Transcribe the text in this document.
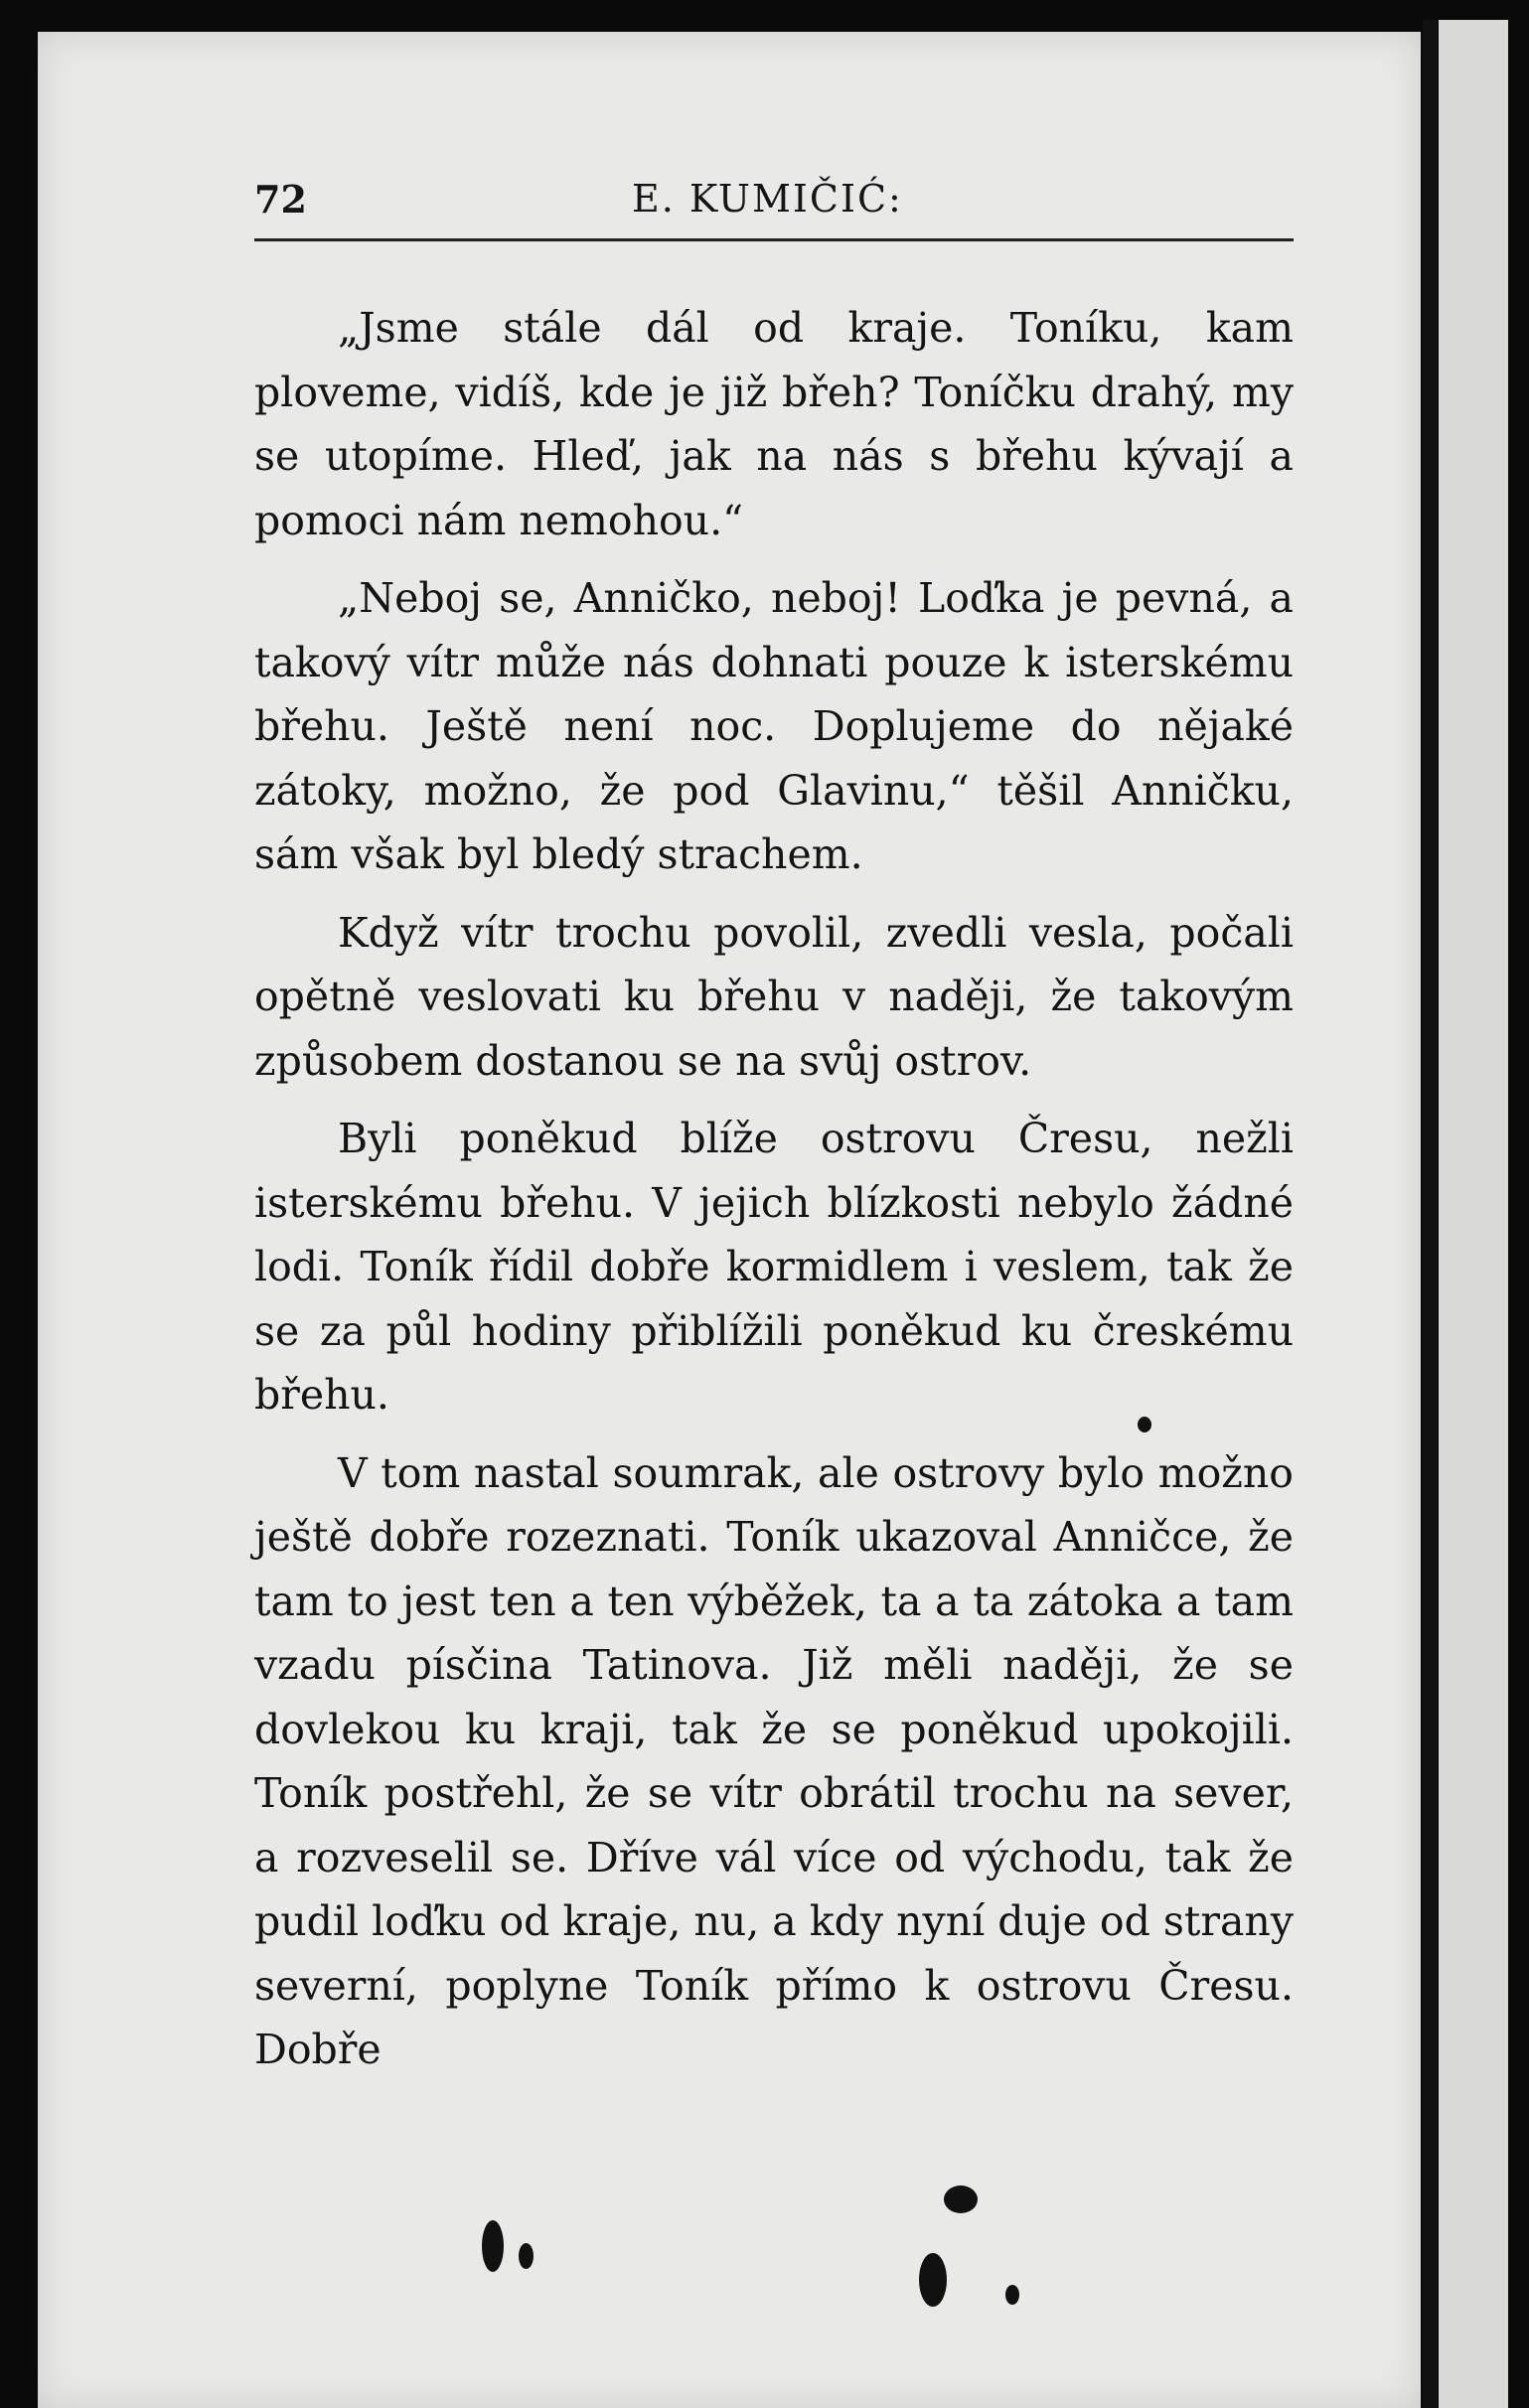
72	E. KUMIČIĆ:

„Jsme stále dál od kraje. Toníku, kam ploveme, vidíš, kde je již břeh? Toníčku drahý, my se utopíme. Hleď, jak na nás s břehu kývají a pomoci nám nemohou.“

„Neboj se, Anničko, neboj! Loďka je pevná, a takový vítr může nás dohnati pouze k isterskému břehu. Ještě není noc. Doplujeme do nějaké zátoky, možno, že pod Glavinu,“ těšil Anničku, sám však byl bledý strachem.

Když vítr trochu povolil, zvedli vesla, počali opětně veslovati ku břehu v naději, že takovým způsobem dostanou se na svůj ostrov.

Byli poněkud blíže ostrovu Čresu, nežli isterskému břehu. V jejich blízkosti nebylo žádné lodi. Toník řídil dobře kormidlem i veslem, tak že se za půl hodiny přiblížili poněkud ku čreskému břehu.

V tom nastal soumrak, ale ostrovy bylo možno ještě dobře rozeznati. Toník ukazoval Anničce, že tam to jest ten a ten výběžek, ta a ta zátoka a tam vzadu písčina Tatinova. Již měli naději, že se dovlekou ku kraji, tak že se poněkud upokojili. Toník postřehl, že se vítr obrátil trochu na sever, a rozveselil se. Dříve vál více od východu, tak že pudil loďku od kraje, nu, a kdy nyní duje od strany severní, poplyne Toník přímo k ostrovu Čresu. Dobře
